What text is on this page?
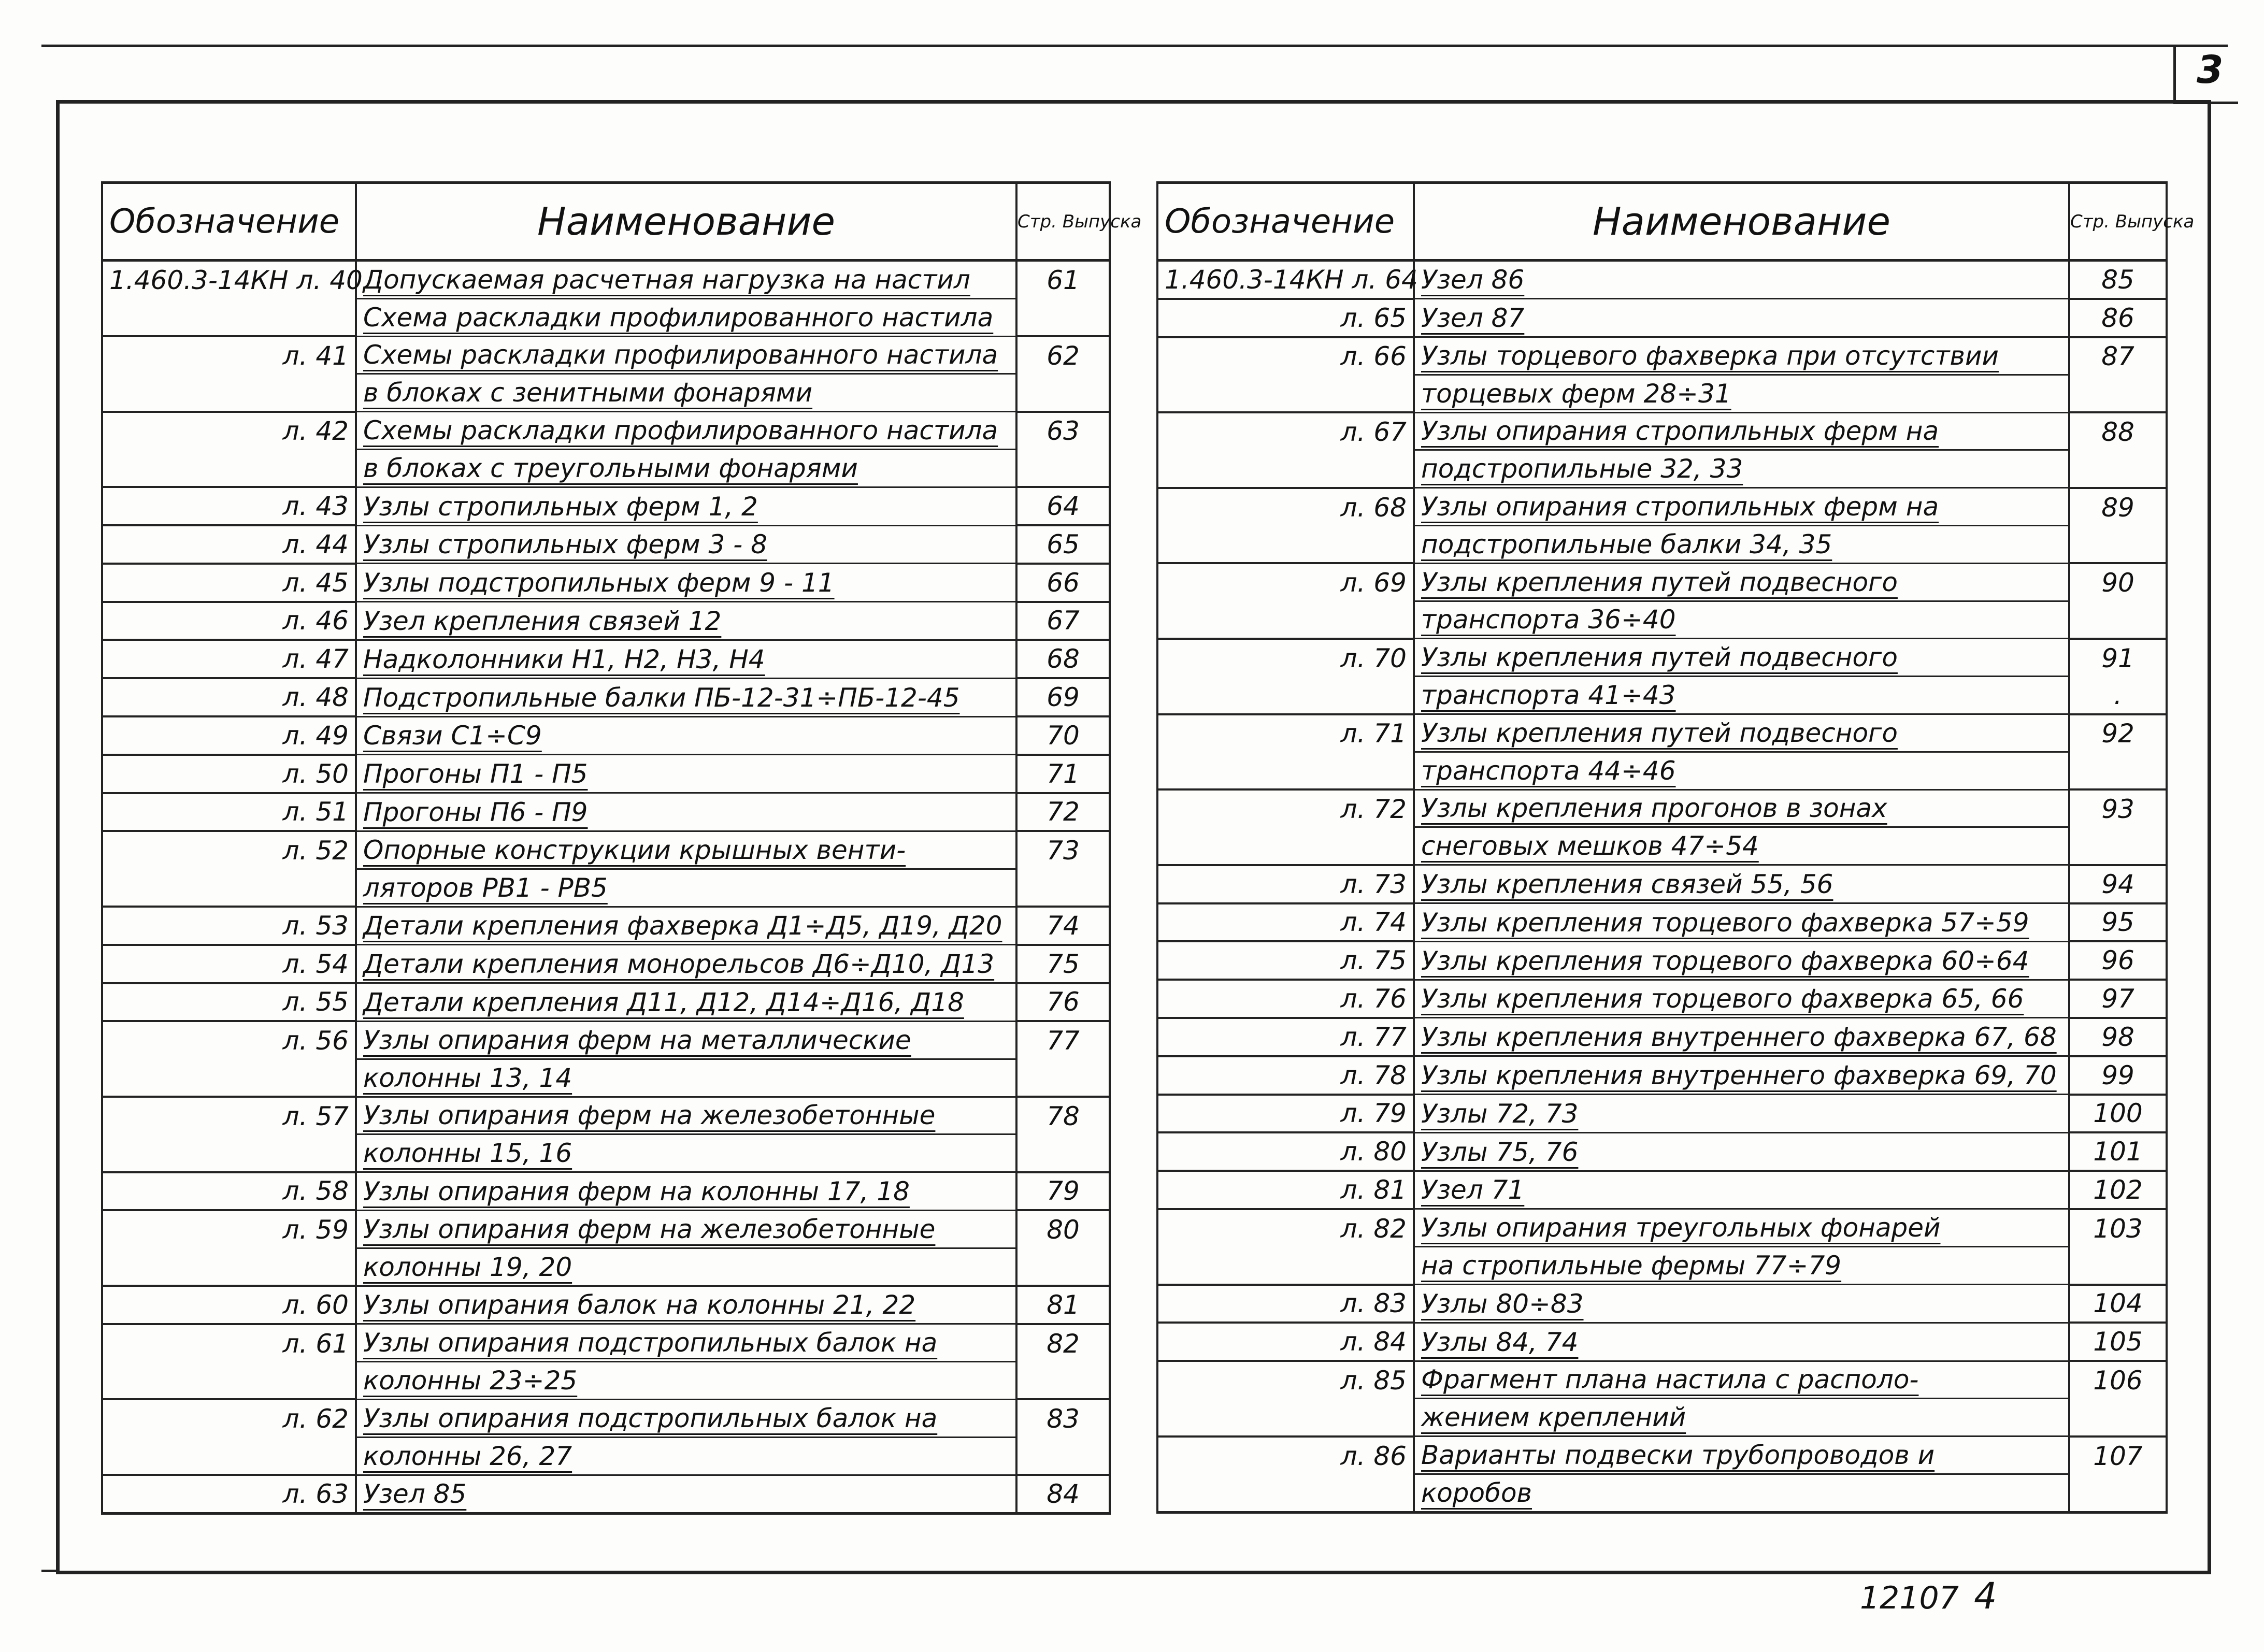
3
Обозначение	Наименование	Стр. Выпуска
1.460.3-14КН л. 40	Допускаемая расчетная нагрузка на настил	61
	Схема раскладки профилированного настила	
л. 41	Схемы раскладки профилированного настила	62
	в блоках с зенитными фонарями	
л. 42	Схемы раскладки профилированного настила	63
	в блоках с треугольными фонарями	
л. 43	Узлы стропильных ферм 1, 2	64
л. 44	Узлы стропильных ферм 3 - 8	65
л. 45	Узлы подстропильных ферм 9 - 11	66
л. 46	Узел крепления связей 12	67
л. 47	Надколонники Н1, Н2, Н3, Н4	68
л. 48	Подстропильные балки ПБ-12-31÷ПБ-12-45	69
л. 49	Связи С1÷С9	70
л. 50	Прогоны П1 - П5	71
л. 51	Прогоны П6 - П9	72
л. 52	Опорные конструкции крышных венти-	73
	ляторов РВ1 - РВ5	
л. 53	Детали крепления фахверка Д1÷Д5, Д19, Д20	74
л. 54	Детали крепления монорельсов Д6÷Д10, Д13	75
л. 55	Детали крепления Д11, Д12, Д14÷Д16, Д18	76
л. 56	Узлы опирания ферм на металлические	77
	колонны 13, 14	
л. 57	Узлы опирания ферм на железобетонные	78
	колонны 15, 16	
л. 58	Узлы опирания ферм на колонны 17, 18	79
л. 59	Узлы опирания ферм на железобетонные	80
	колонны 19, 20	
л. 60	Узлы опирания балок на колонны 21, 22	81
л. 61	Узлы опирания подстропильных балок на	82
	колонны 23÷25	
л. 62	Узлы опирания подстропильных балок на	83
	колонны 26, 27	
л. 63	Узел 85	84
Обозначение	Наименование	Стр. Выпуска
1.460.3-14КН л. 64	Узел 86	85
л. 65	Узел 87	86
л. 66	Узлы торцевого фахверка при отсутствии	87
	торцевых ферм 28÷31	
л. 67	Узлы опирания стропильных ферм на	88
	подстропильные 32, 33	
л. 68	Узлы опирания стропильных ферм на	89
	подстропильные балки 34, 35	
л. 69	Узлы крепления путей подвесного	90
	транспорта 36÷40	
л. 70	Узлы крепления путей подвесного	91
	транспорта 41÷43	.
л. 71	Узлы крепления путей подвесного	92
	транспорта 44÷46	
л. 72	Узлы крепления прогонов в зонах	93
	снеговых мешков 47÷54	
л. 73	Узлы крепления связей 55, 56	94
л. 74	Узлы крепления торцевого фахверка 57÷59	95
л. 75	Узлы крепления торцевого фахверка 60÷64	96
л. 76	Узлы крепления торцевого фахверка 65, 66	97
л. 77	Узлы крепления внутреннего фахверка 67, 68	98
л. 78	Узлы крепления внутреннего фахверка 69, 70	99
л. 79	Узлы 72, 73	100
л. 80	Узлы 75, 76	101
л. 81	Узел 71	102
л. 82	Узлы опирания треугольных фонарей	103
	на стропильные фермы 77÷79	
л. 83	Узлы 80÷83	104
л. 84	Узлы 84, 74	105
л. 85	Фрагмент плана настила с располо-	106
	жением креплений	
л. 86	Варианты подвески трубопроводов и	107
	коробов	
12107 4
